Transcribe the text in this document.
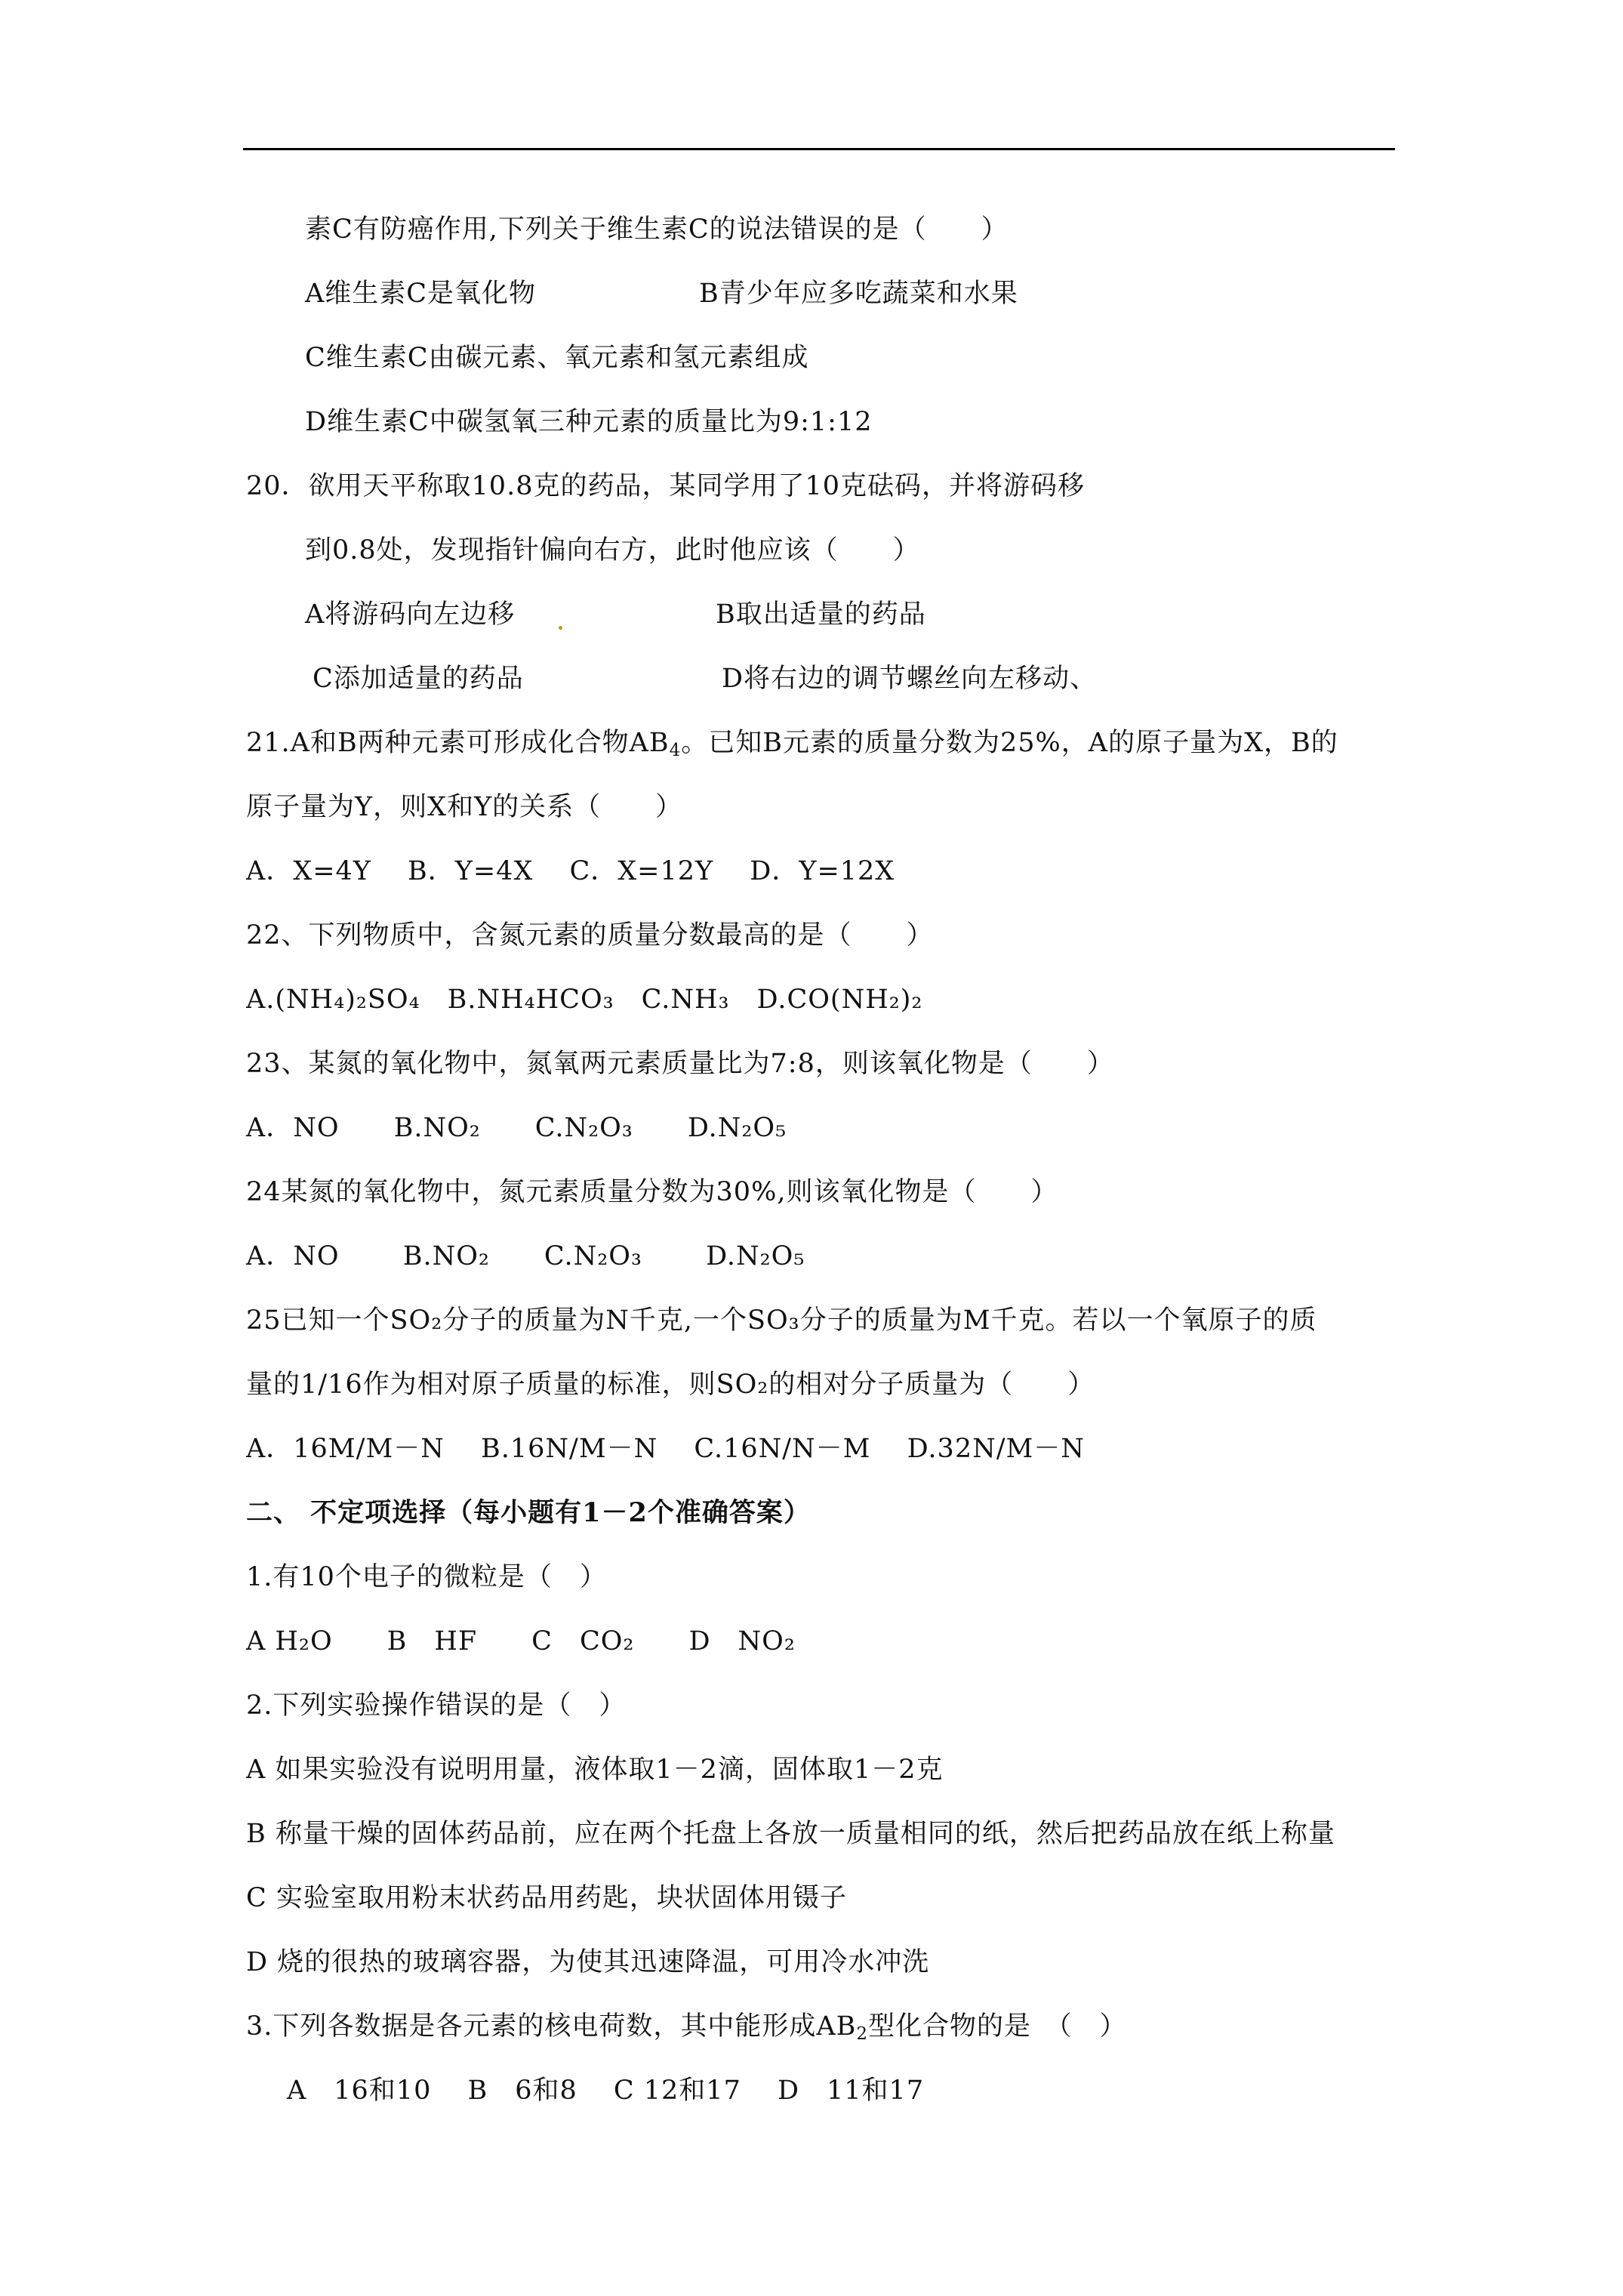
素C有防癌作用,下列关于维生素C的说法错误的是（　　）
A维生素C是氧化物	B青少年应多吃蔬菜和水果
C维生素C由碳元素、氧元素和氢元素组成
D维生素C中碳氢氧三种元素的质量比为9:1:12
20．欲用天平称取10.8克的药品，某同学用了10克砝码，并将游码移
到0.8处，发现指针偏向右方，此时他应该（　　）
A将游码向左边移	B取出适量的药品
C添加适量的药品	D将右边的调节螺丝向左移动、
21.A和B两种元素可形成化合物$AB_4$。已知B元素的质量分数为25%，A的原子量为X，B的
原子量为Y，则X和Y的关系（　　）
A．X=4Y　 B．Y=4X　 C．X=12Y　 D．Y=12X
22、下列物质中，含氮元素的质量分数最高的是（　　）
A.(NH₄)₂SO₄　B.NH₄HCO₃　C.NH₃　D.CO(NH₂)₂
23、某氮的氧化物中，氮氧两元素质量比为7:8，则该氧化物是（　　）
A．NO　　B.NO₂　　C.N₂O₃　　D.N₂O₅
24某氮的氧化物中，氮元素质量分数为30%,则该氧化物是（　　）
A．NO　　 B.NO₂　　C.N₂O₃　　 D.N₂O₅
25已知一个SO₂分子的质量为N千克,一个SO₃分子的质量为M千克。若以一个氧原子的质
量的1/16作为相对原子质量的标准，则SO₂的相对分子质量为（　　）
A．16M/M－N　 B.16N/M－N　 C.16N/N－M　 D.32N/M－N
二、 不定项选择（每小题有1－2个准确答案）
1.有10个电子的微粒是（　）
A H₂O　　B　HF　　C　CO₂　　D　NO₂
2.下列实验操作错误的是（　）
A 如果实验没有说明用量，液体取1－2滴，固体取1－2克
B 称量干燥的固体药品前，应在两个托盘上各放一质量相同的纸，然后把药品放在纸上称量
C 实验室取用粉末状药品用药匙，块状固体用镊子
D 烧的很热的玻璃容器，为使其迅速降温，可用冷水冲洗
3.下列各数据是各元素的核电荷数，其中能形成$AB_2$型化合物的是　（　）
A　16和10　 B　6和8　 C 12和17　 D　11和17
